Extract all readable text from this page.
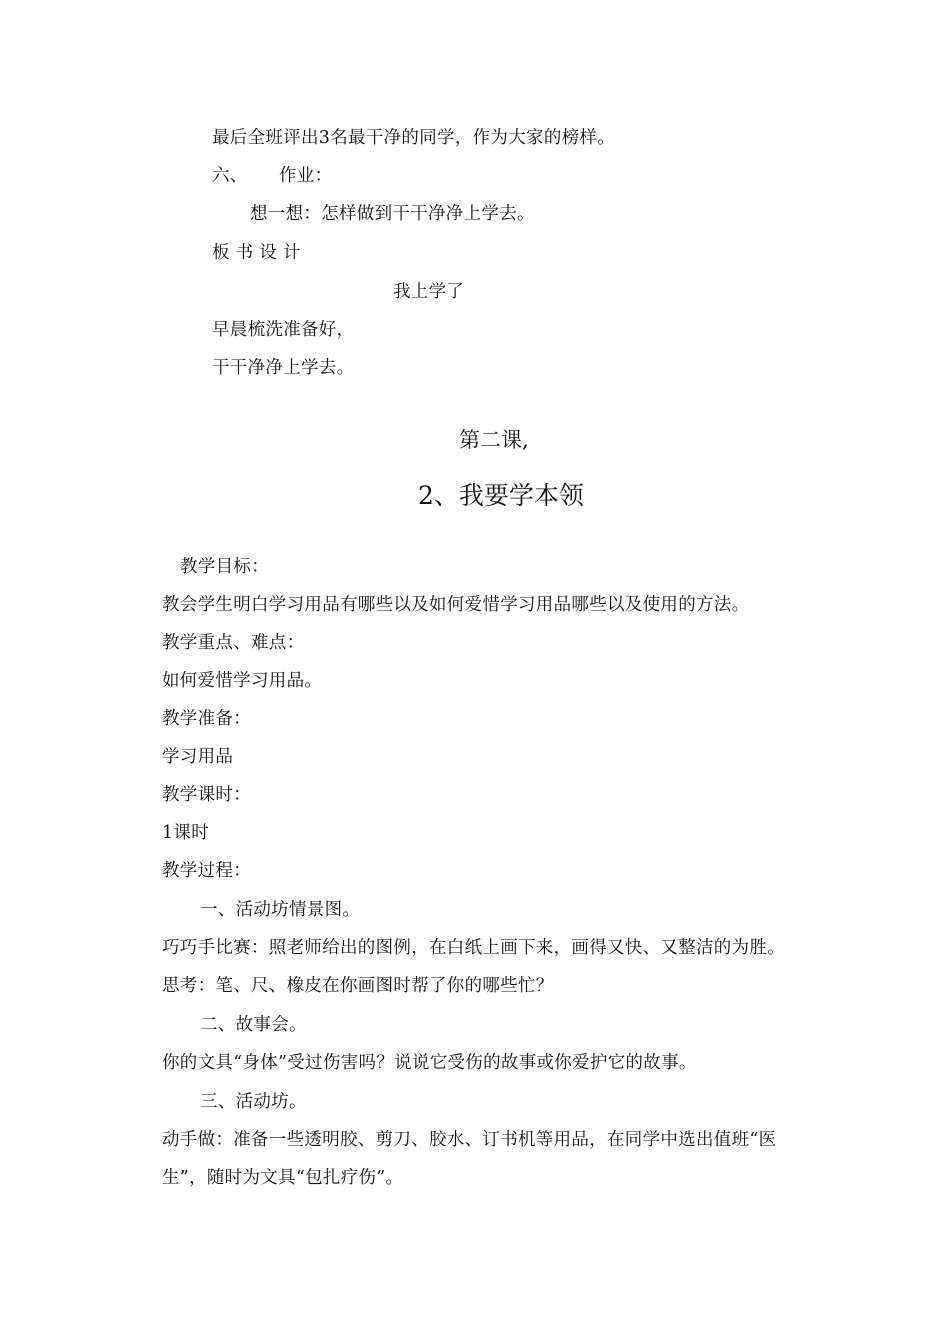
最后全班评出3名最干净的同学，作为大家的榜样。
六、 作业：
想一想：怎样做到干干净净上学去。
板 书 设 计
我上学了
早晨梳洗准备好，
干干净净上学去。
第二课,
2、我要学本领
教学目标：
教会学生明白学习用品有哪些以及如何爱惜学习用品哪些以及使用的方法。
教学重点、难点：
如何爱惜学习用品。
教学准备：
学习用品
教学课时：
1课时
教学过程：
一、活动坊情景图。
巧巧手比赛：照老师给出的图例，在白纸上画下来，画得又快、又整洁的为胜。
思考：笔、尺、橡皮在你画图时帮了你的哪些忙？
二、故事会。
你的文具“身体”受过伤害吗？说说它受伤的故事或你爱护它的故事。
三、活动坊。
动手做：准备一些透明胶、剪刀、胶水、订书机等用品，在同学中选出值班“医
生”，随时为文具“包扎疗伤”。
